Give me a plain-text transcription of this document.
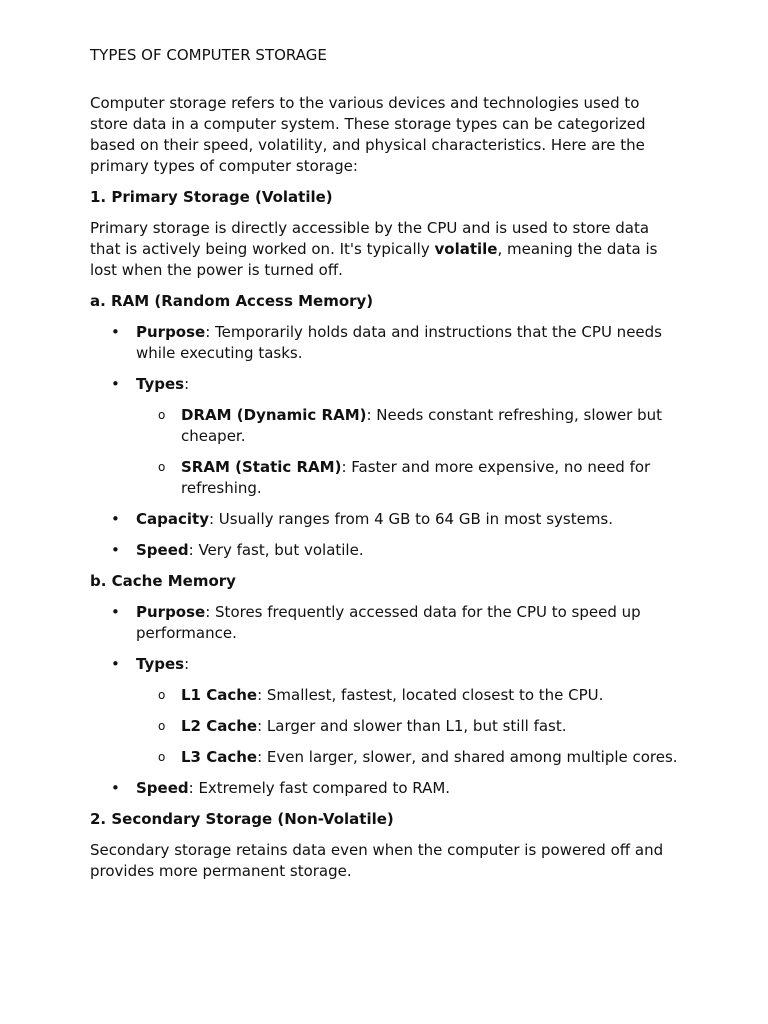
TYPES OF COMPUTER STORAGE

Computer storage refers to the various devices and technologies used to store data in a computer system. These storage types can be categorized based on their speed, volatility, and physical characteristics. Here are the primary types of computer storage:

1. Primary Storage (Volatile)

Primary storage is directly accessible by the CPU and is used to store data that is actively being worked on. It's typically volatile, meaning the data is lost when the power is turned off.

a. RAM (Random Access Memory)
• Purpose: Temporarily holds data and instructions that the CPU needs while executing tasks.
• Types:
o DRAM (Dynamic RAM): Needs constant refreshing, slower but cheaper.
o SRAM (Static RAM): Faster and more expensive, no need for refreshing.
• Capacity: Usually ranges from 4 GB to 64 GB in most systems.
• Speed: Very fast, but volatile.
b. Cache Memory
• Purpose: Stores frequently accessed data for the CPU to speed up performance.
• Types:
o L1 Cache: Smallest, fastest, located closest to the CPU.
o L2 Cache: Larger and slower than L1, but still fast.
o L3 Cache: Even larger, slower, and shared among multiple cores.
• Speed: Extremely fast compared to RAM.
2. Secondary Storage (Non-Volatile)

Secondary storage retains data even when the computer is powered off and provides more permanent storage.
